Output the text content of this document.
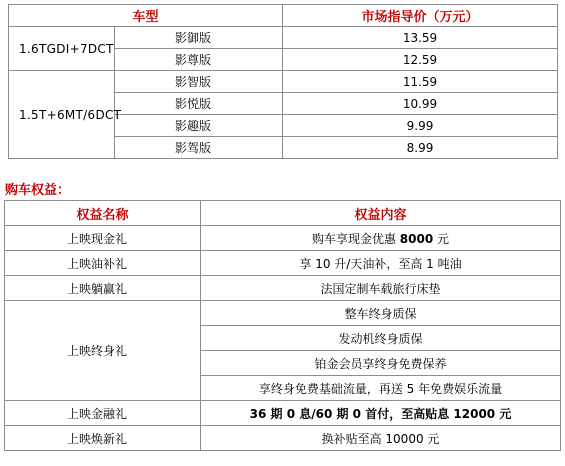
车型		市场指导价（万元）
1.6TGDI+7DCT	影御版	13.59
	影尊版	12.59
1.5T+6MT/6DCT	影智版	11.59
	影悦版	10.99
	影趣版	9.99
	影驾版	8.99
购车权益：
权益名称	权益内容
上映现金礼	购车享现金优惠 8000 元
上映油补礼	享 10 升/天油补，至高 1 吨油
上映躺赢礼	法国定制车载旅行床垫
上映终身礼	整车终身质保
	发动机终身质保
	铂金会员享终身免费保养
	享终身免费基础流量，再送 5 年免费娱乐流量
上映金融礼	36 期 0 息/60 期 0 首付，至高贴息 12000 元
上映焕新礼	换补贴至高 10000 元
